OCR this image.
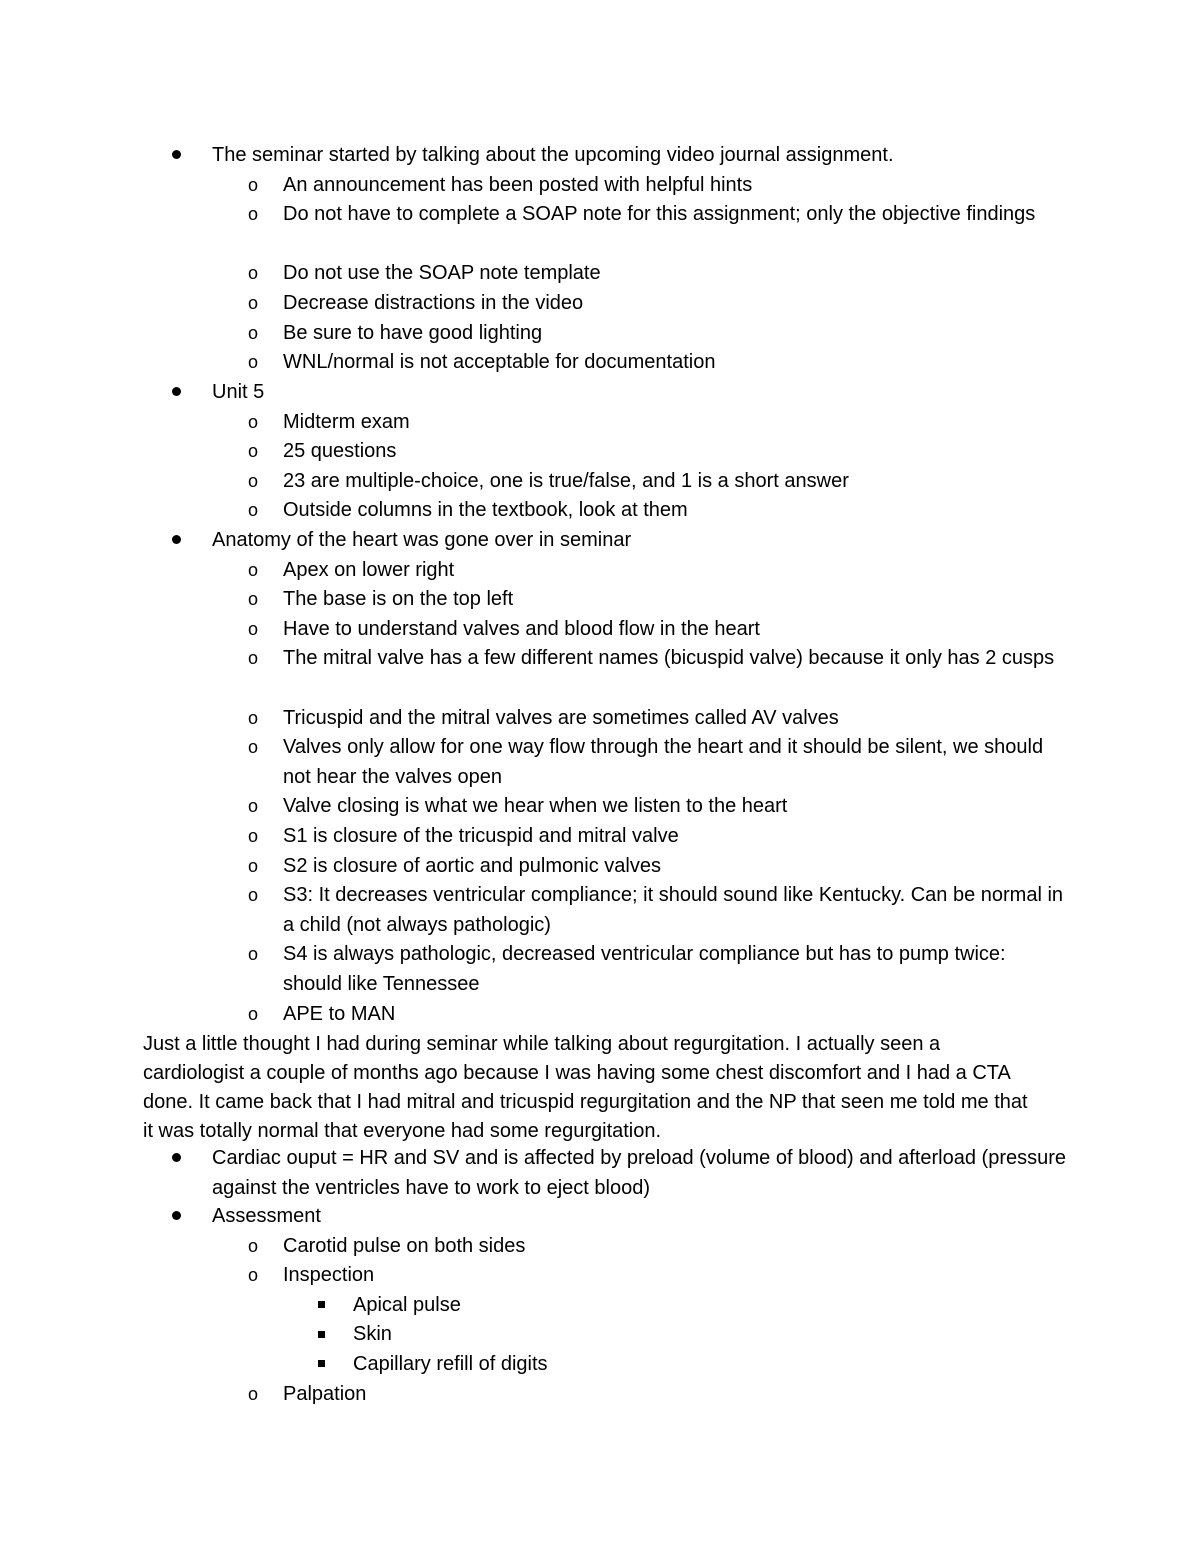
The seminar started by talking about the upcoming video journal assignment.
o An announcement has been posted with helpful hints
o Do not have to complete a SOAP note for this assignment; only the objective findings
o Do not use the SOAP note template
o Decrease distractions in the video
o Be sure to have good lighting
o WNL/normal is not acceptable for documentation
Unit 5
o Midterm exam
o 25 questions
o 23 are multiple-choice, one is true/false, and 1 is a short answer
o Outside columns in the textbook, look at them
Anatomy of the heart was gone over in seminar
o Apex on lower right
o The base is on the top left
o Have to understand valves and blood flow in the heart
o The mitral valve has a few different names (bicuspid valve) because it only has 2 cusps
o Tricuspid and the mitral valves are sometimes called AV valves
o Valves only allow for one way flow through the heart and it should be silent, we should not hear the valves open
o Valve closing is what we hear when we listen to the heart
o S1 is closure of the tricuspid and mitral valve
o S2 is closure of aortic and pulmonic valves
o S3: It decreases ventricular compliance; it should sound like Kentucky. Can be normal in a child (not always pathologic)
o S4 is always pathologic, decreased ventricular compliance but has to pump twice: should like Tennessee
o APE to MAN
Just a little thought I had during seminar while talking about regurgitation. I actually seen a cardiologist a couple of months ago because I was having some chest discomfort and I had a CTA done. It came back that I had mitral and tricuspid regurgitation and the NP that seen me told me that it was totally normal that everyone had some regurgitation.
Cardiac ouput = HR and SV and is affected by preload (volume of blood) and afterload (pressure against the ventricles have to work to eject blood)
Assessment
o Carotid pulse on both sides
o Inspection
Apical pulse
Skin
Capillary refill of digits
o Palpation
